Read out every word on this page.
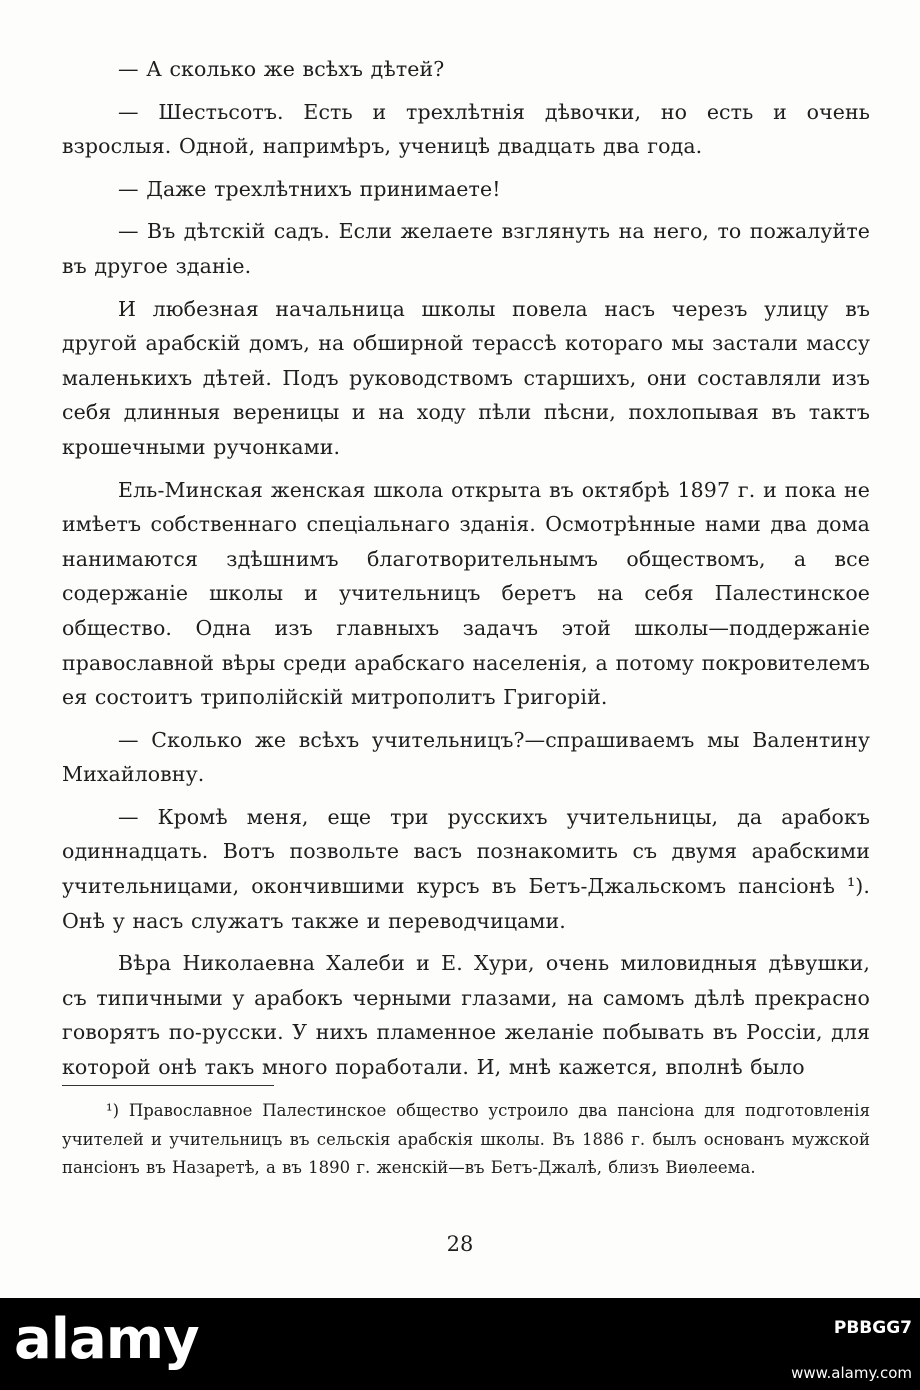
— А сколько же всѣхъ дѣтей?

— Шестьсотъ. Есть и трехлѣтнія дѣвочки, но есть и очень взрослыя. Одной, напримѣръ, ученицѣ двадцать два года.

— Даже трехлѣтнихъ принимаете!

— Въ дѣтскій садъ. Если желаете взглянуть на него, то пожалуйте въ другое зданіе.

И любезная начальница школы повела насъ черезъ улицу въ другой арабскій домъ, на обширной терассѣ котораго мы застали массу маленькихъ дѣтей. Подъ руководствомъ старшихъ, они составляли изъ себя длинныя вереницы и на ходу пѣли пѣсни, похлопывая въ тактъ крошечными ручонками.

Ель-Минская женская школа открыта въ октябрѣ 1897 г. и пока не имѣетъ собственнаго спеціальнаго зданія. Осмотрѣнные нами два дома нанимаются здѣшнимъ благотворительнымъ обществомъ, а все содержаніе школы и учительницъ беретъ на себя Палестинское общество. Одна изъ главныхъ задачъ этой школы—поддержаніе православной вѣры среди арабскаго населенія, а потому покровителемъ ея состоитъ триполійскій митрополитъ Григорій.

— Сколько же всѣхъ учительницъ?—спрашиваемъ мы Валентину Михайловну.

— Кромѣ меня, еще три русскихъ учительницы, да арабокъ одиннадцать. Вотъ позвольте васъ познакомить съ двумя арабскими учительницами, окончившими курсъ въ Бетъ-Джальскомъ пансіонѣ ¹). Онѣ у насъ служатъ также и переводчицами.

Вѣра Николаевна Халеби и Е. Хури, очень миловидныя дѣвушки, съ типичными у арабокъ черными глазами, на самомъ дѣлѣ прекрасно говорятъ по-русски. У нихъ пламенное желаніе побывать въ Россіи, для которой онѣ такъ много поработали. И, мнѣ кажется, вполнѣ было

¹) Православное Палестинское общество устроило два пансіона для подготовленія учителей и учительницъ въ сельскія арабскія школы. Въ 1886 г. былъ основанъ мужской пансіонъ въ Назаретѣ, а въ 1890 г. женскій—въ Бетъ-Джалѣ, близъ Виѳлеема.

28
alamy	PBBGG7
www.alamy.com
